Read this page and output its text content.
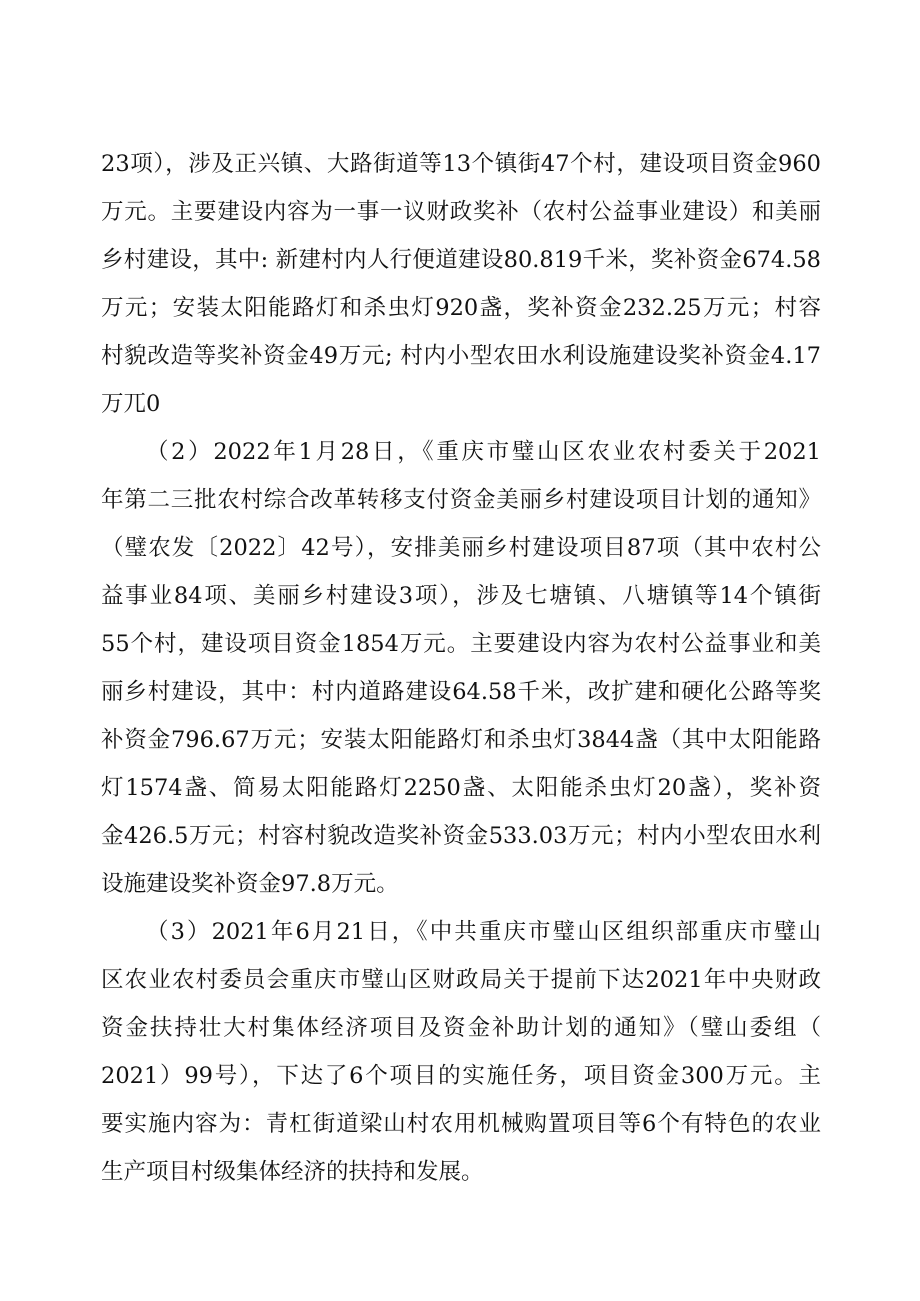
23项），涉及正兴镇、大路街道等13个镇街47个村，建设项目资金960
万元。主要建设内容为一事一议财政奖补（农村公益事业建设）和美丽
乡村建设，其中: 新建村内人行便道建设80.819千米，奖补资金674.58
万元；安装太阳能路灯和杀虫灯920盏，奖补资金232.25万元；村容
村貌改造等奖补资金49万元; 村内小型农田水利设施建设奖补资金4.17
万兀0
（2）2022年1月28日，《重庆市璧山区农业农村委关于2021
年第二三批农村综合改革转移支付资金美丽乡村建设项目计划的通知》
（璧农发〔2022〕42号），安排美丽乡村建设项目87项（其中农村公
益事业84项、美丽乡村建设3项），涉及七塘镇、八塘镇等14个镇街
55个村，建设项目资金1854万元。主要建设内容为农村公益事业和美
丽乡村建设，其中：村内道路建设64.58千米，改扩建和硬化公路等奖
补资金796.67万元；安装太阳能路灯和杀虫灯3844盏（其中太阳能路
灯1574盏、简易太阳能路灯2250盏、太阳能杀虫灯20盏），奖补资
金426.5万元；村容村貌改造奖补资金533.03万元；村内小型农田水利
设施建设奖补资金97.8万元。
（3）2021年6月21日，《中共重庆市璧山区组织部重庆市璧山
区农业农村委员会重庆市璧山区财政局关于提前下达2021年中央财政
资金扶持壮大村集体经济项目及资金补助计划的通知》（璧山委组（
2021）99号），下达了6个项目的实施任务，项目资金300万元。主
要实施内容为：青杠街道梁山村农用机械购置项目等6个有特色的农业
生产项目村级集体经济的扶持和发展。
